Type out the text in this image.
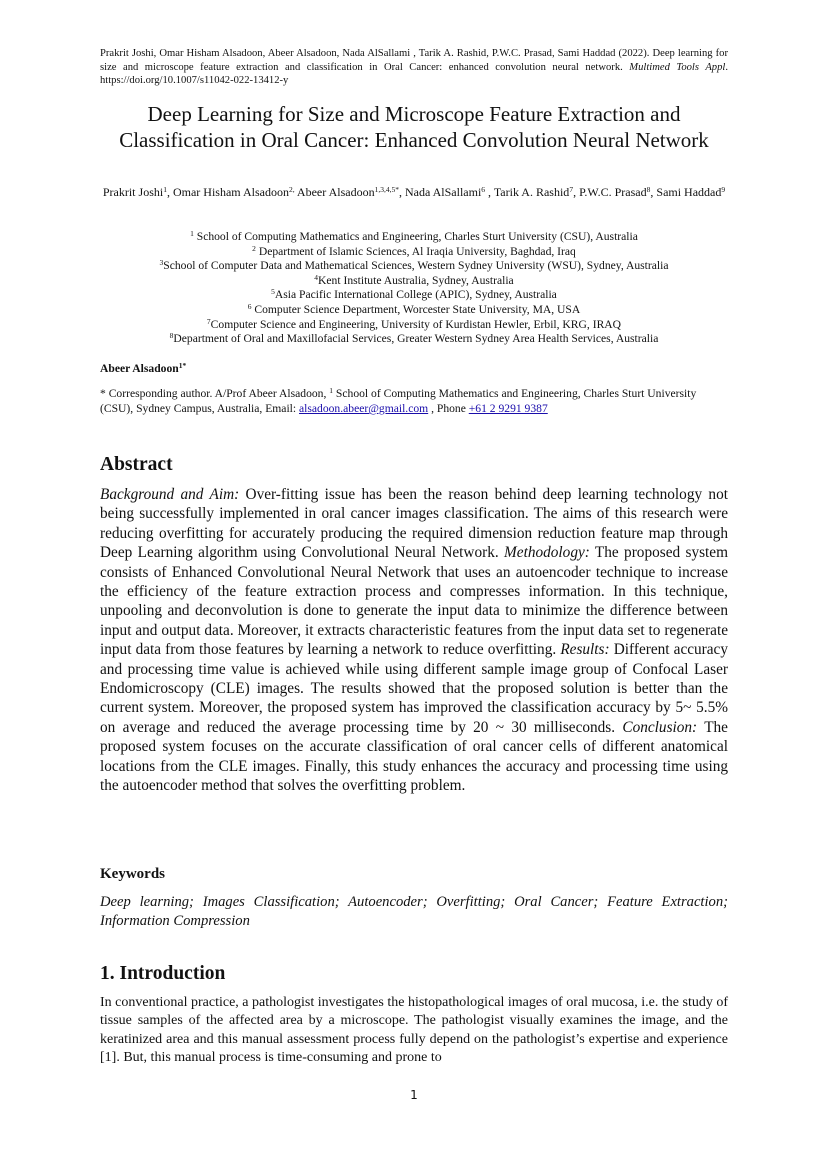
Prakrit Joshi, Omar Hisham Alsadoon, Abeer Alsadoon, Nada AlSallami , Tarik A. Rashid, P.W.C. Prasad, Sami Haddad (2022). Deep learning for size and microscope feature extraction and classification in Oral Cancer: enhanced convolution neural network. Multimed Tools Appl. https://doi.org/10.1007/s11042-022-13412-y
Deep Learning for Size and Microscope Feature Extraction and Classification in Oral Cancer: Enhanced Convolution Neural Network
Prakrit Joshi$^1$, Omar Hisham Alsadoon$^{2,}$ Abeer Alsadoon$^{1,3,4,5*}$, Nada AlSallami$^6$ , Tarik A. Rashid$^7$, P.W.C. Prasad$^8$, Sami Haddad$^9$
$^1$ School of Computing Mathematics and Engineering, Charles Sturt University (CSU), Australia
$^2$ Department of Islamic Sciences, Al Iraqia University, Baghdad, Iraq
$^3$School of Computer Data and Mathematical Sciences, Western Sydney University (WSU), Sydney, Australia
$^4$Kent Institute Australia, Sydney, Australia
$^5$Asia Pacific International College (APIC), Sydney, Australia
$^6$ Computer Science Department, Worcester State University, MA, USA
$^7$Computer Science and Engineering, University of Kurdistan Hewler, Erbil, KRG, IRAQ
$^8$Department of Oral and Maxillofacial Services, Greater Western Sydney Area Health Services, Australia
Abeer Alsadoon$^{1*}$
* Corresponding author. A/Prof Abeer Alsadoon, $^1$ School of Computing Mathematics and Engineering, Charles Sturt University (CSU), Sydney Campus, Australia, Email: alsadoon.abeer@gmail.com , Phone +61 2 9291 9387
Abstract
Background and Aim: Over-fitting issue has been the reason behind deep learning technology not being successfully implemented in oral cancer images classification. The aims of this research were reducing overfitting for accurately producing the required dimension reduction feature map through Deep Learning algorithm using Convolutional Neural Network. Methodology: The proposed system consists of Enhanced Convolutional Neural Network that uses an autoencoder technique to increase the efficiency of the feature extraction process and compresses information. In this technique, unpooling and deconvolution is done to generate the input data to minimize the difference between input and output data. Moreover, it extracts characteristic features from the input data set to regenerate input data from those features by learning a network to reduce overfitting. Results: Different accuracy and processing time value is achieved while using different sample image group of Confocal Laser Endomicroscopy (CLE) images. The results showed that the proposed solution is better than the current system. Moreover, the proposed system has improved the classification accuracy by 5~ 5.5% on average and reduced the average processing time by 20 ~ 30 milliseconds. Conclusion: The proposed system focuses on the accurate classification of oral cancer cells of different anatomical locations from the CLE images. Finally, this study enhances the accuracy and processing time using the autoencoder method that solves the overfitting problem.
Keywords
Deep learning; Images Classification; Autoencoder; Overfitting; Oral Cancer; Feature Extraction; Information Compression
1. Introduction
In conventional practice, a pathologist investigates the histopathological images of oral mucosa, i.e. the study of tissue samples of the affected area by a microscope. The pathologist visually examines the image, and the keratinized area and this manual assessment process fully depend on the pathologist’s expertise and experience [1]. But, this manual process is time-consuming and prone to
1
